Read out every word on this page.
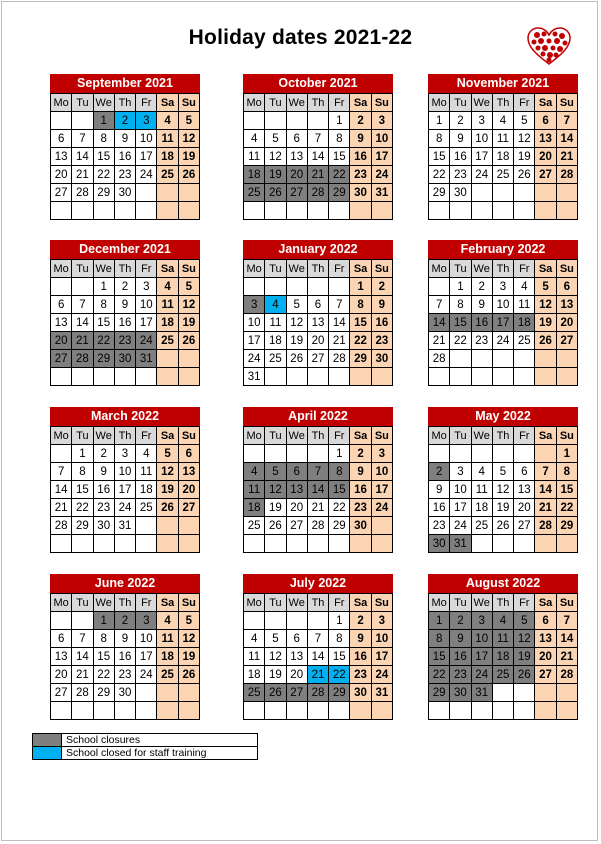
Holiday dates 2021-22
September 2021
Mo	Tu	We	Th	Fr	Sa	Su
		1	2	3	4	5
6	7	8	9	10	11	12
13	14	15	16	17	18	19
20	21	22	23	24	25	26
27	28	29	30			

October 2021
Mo	Tu	We	Th	Fr	Sa	Su
				1	2	3
4	5	6	7	8	9	10
11	12	13	14	15	16	17
18	19	20	21	22	23	24
25	26	27	28	29	30	31

November 2021
Mo	Tu	We	Th	Fr	Sa	Su
1	2	3	4	5	6	7
8	9	10	11	12	13	14
15	16	17	18	19	20	21
22	23	24	25	26	27	28
29	30					

December 2021
Mo	Tu	We	Th	Fr	Sa	Su
		1	2	3	4	5
6	7	8	9	10	11	12
13	14	15	16	17	18	19
20	21	22	23	24	25	26
27	28	29	30	31		

January 2022
Mo	Tu	We	Th	Fr	Sa	Su
					1	2
3	4	5	6	7	8	9
10	11	12	13	14	15	16
17	18	19	20	21	22	23
24	25	26	27	28	29	30
31						
February 2022
Mo	Tu	We	Th	Fr	Sa	Su
	1	2	3	4	5	6
7	8	9	10	11	12	13
14	15	16	17	18	19	20
21	22	23	24	25	26	27
28						

March 2022
Mo	Tu	We	Th	Fr	Sa	Su
	1	2	3	4	5	6
7	8	9	10	11	12	13
14	15	16	17	18	19	20
21	22	23	24	25	26	27
28	29	30	31			

April 2022
Mo	Tu	We	Th	Fr	Sa	Su
				1	2	3
4	5	6	7	8	9	10
11	12	13	14	15	16	17
18	19	20	21	22	23	24
25	26	27	28	29	30	

May 2022
Mo	Tu	We	Th	Fr	Sa	Su
						1
2	3	4	5	6	7	8
9	10	11	12	13	14	15
16	17	18	19	20	21	22
23	24	25	26	27	28	29
30	31					
June 2022
Mo	Tu	We	Th	Fr	Sa	Su
		1	2	3	4	5
6	7	8	9	10	11	12
13	14	15	16	17	18	19
20	21	22	23	24	25	26
27	28	29	30			

July 2022
Mo	Tu	We	Th	Fr	Sa	Su
				1	2	3
4	5	6	7	8	9	10
11	12	13	14	15	16	17
18	19	20	21	22	23	24
25	26	27	28	29	30	31

August 2022
Mo	Tu	We	Th	Fr	Sa	Su
1	2	3	4	5	6	7
8	9	10	11	12	13	14
15	16	17	18	19	20	21
22	23	24	25	26	27	28
29	30	31				

	School closures
	School closed for staff training
